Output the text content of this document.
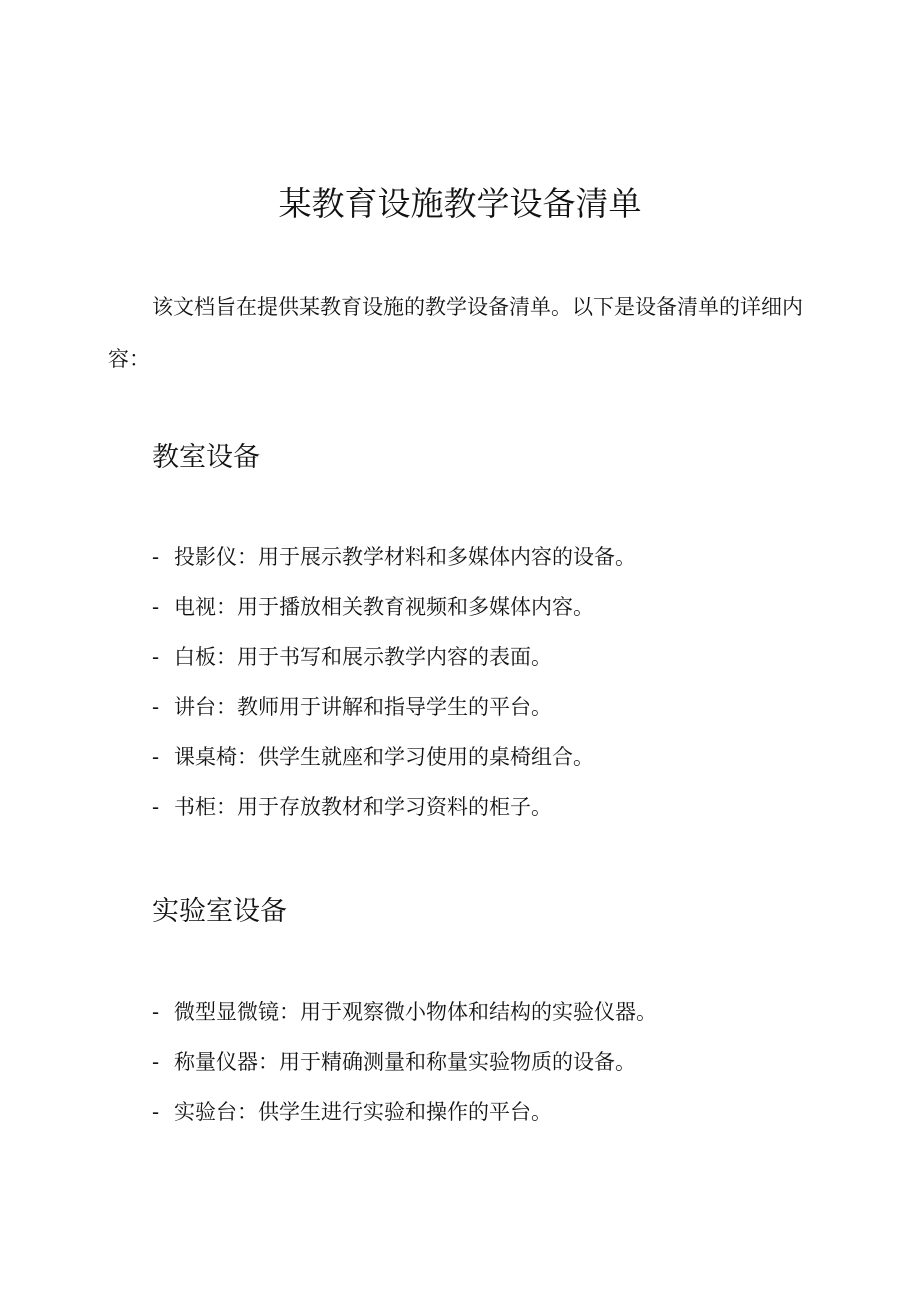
某教育设施教学设备清单

该文档旨在提供某教育设施的教学设备清单。以下是设备清单的详细内容：

教室设备
- 投影仪：用于展示教学材料和多媒体内容的设备。
- 电视：用于播放相关教育视频和多媒体内容。
- 白板：用于书写和展示教学内容的表面。
- 讲台：教师用于讲解和指导学生的平台。
- 课桌椅：供学生就座和学习使用的桌椅组合。
- 书柜：用于存放教材和学习资料的柜子。
实验室设备
- 微型显微镜：用于观察微小物体和结构的实验仪器。
- 称量仪器：用于精确测量和称量实验物质的设备。
- 实验台：供学生进行实验和操作的平台。
